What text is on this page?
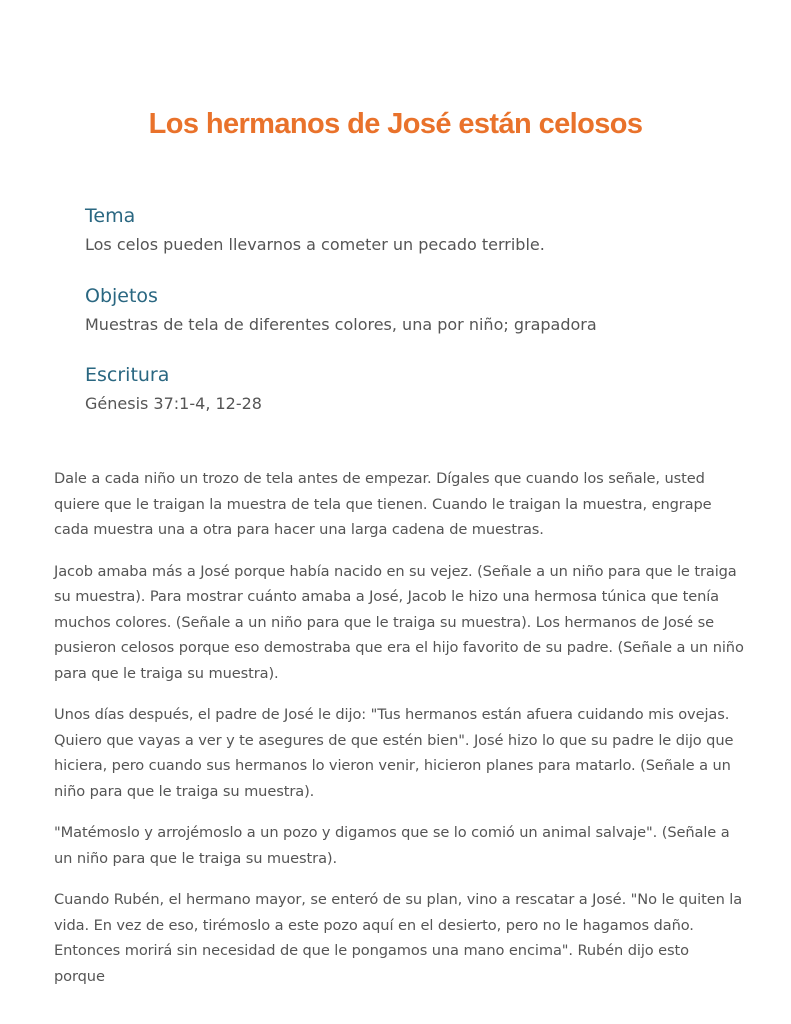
Los hermanos de José están celosos
Tema

Los celos pueden llevarnos a cometer un pecado terrible.

Objetos

Muestras de tela de diferentes colores, una por niño; grapadora

Escritura

Génesis 37:1-4, 12-28

Dale a cada niño un trozo de tela antes de empezar. Dígales que cuando los señale, usted quiere que le traigan la muestra de tela que tienen. Cuando le traigan la muestra, engrape cada muestra una a otra para hacer una larga cadena de muestras.

Jacob amaba más a José porque había nacido en su vejez. (Señale a un niño para que le traiga su muestra). Para mostrar cuánto amaba a José, Jacob le hizo una hermosa túnica que tenía muchos colores. (Señale a un niño para que le traiga su muestra). Los hermanos de José se pusieron celosos porque eso demostraba que era el hijo favorito de su padre. (Señale a un niño para que le traiga su muestra).

Unos días después, el padre de José le dijo: "Tus hermanos están afuera cuidando mis ovejas. Quiero que vayas a ver y te asegures de que estén bien". José hizo lo que su padre le dijo que hiciera, pero cuando sus hermanos lo vieron venir, hicieron planes para matarlo. (Señale a un niño para que le traiga su muestra).

"Matémoslo y arrojémoslo a un pozo y digamos que se lo comió un animal salvaje". (Señale a un niño para que le traiga su muestra).

Cuando Rubén, el hermano mayor, se enteró de su plan, vino a rescatar a José. "No le quiten la vida. En vez de eso, tirémoslo a este pozo aquí en el desierto, pero no le hagamos daño. Entonces morirá sin necesidad de que le pongamos una mano encima". Rubén dijo esto porque
